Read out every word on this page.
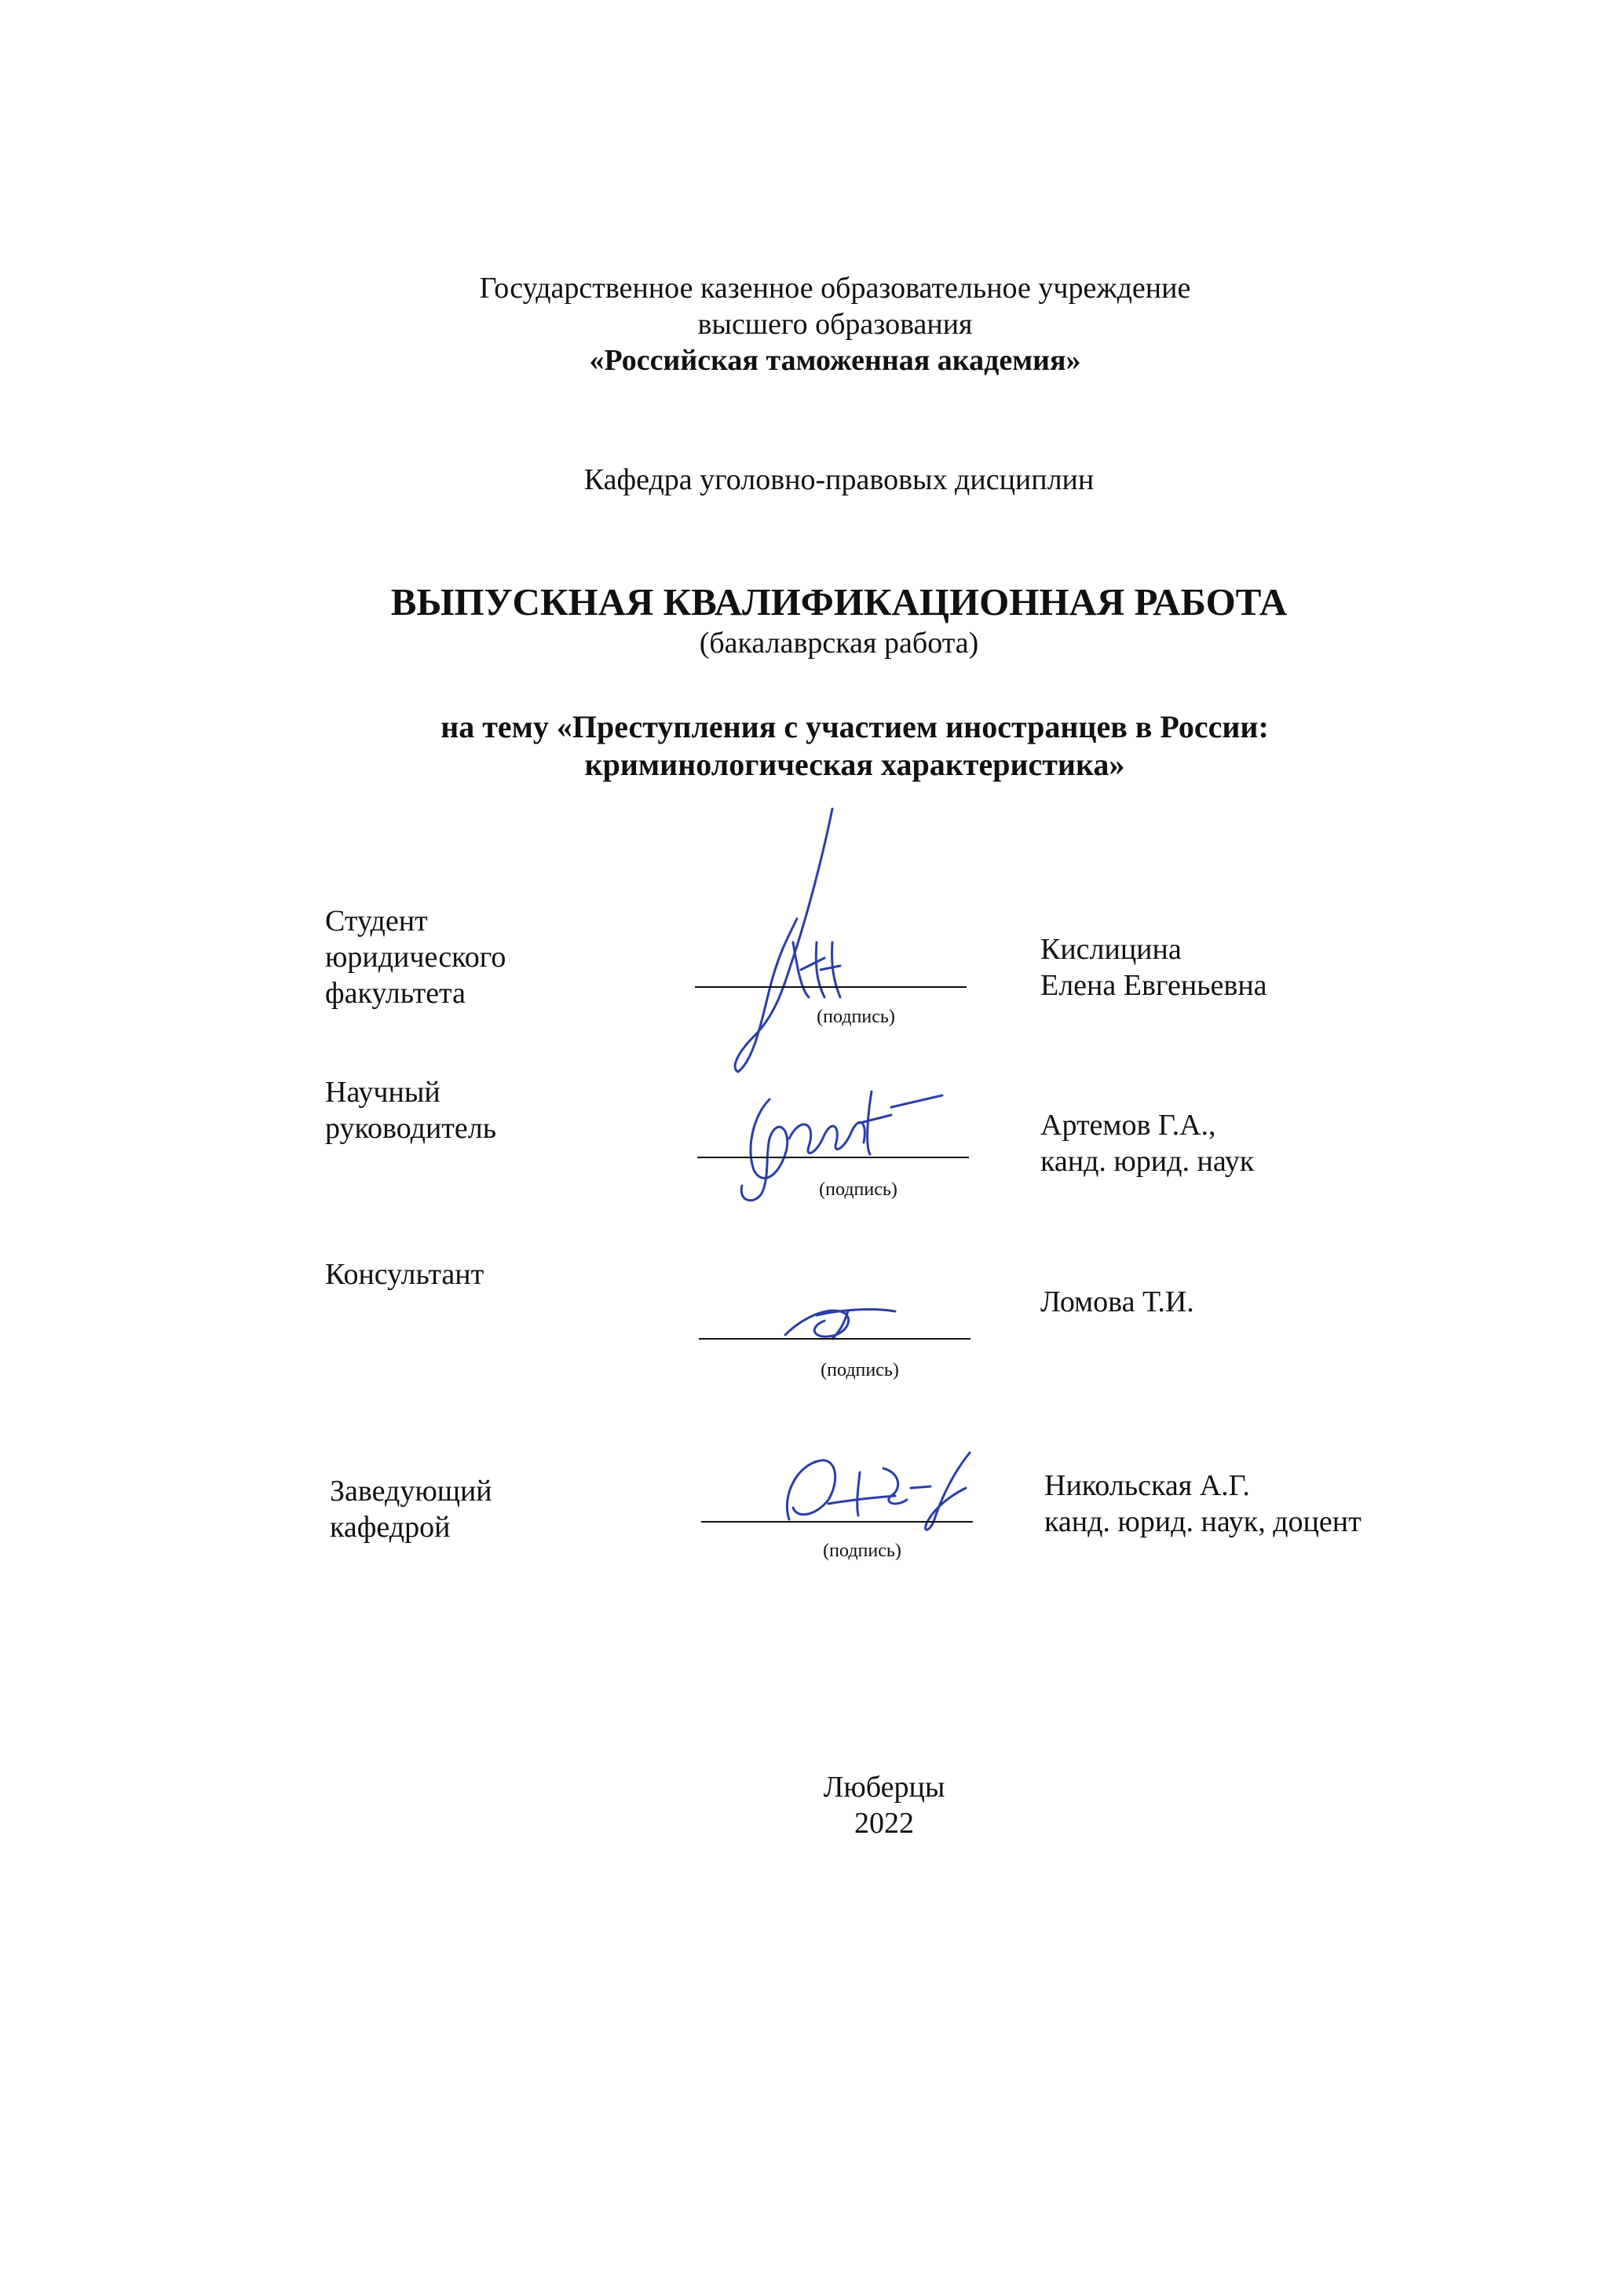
Государственное казенное образовательное учреждение
высшего образования
«Российская таможенная академия»
Кафедра уголовно-правовых дисциплин
ВЫПУСКНАЯ КВАЛИФИКАЦИОННАЯ РАБОТА
(бакалаврская работа)
на тему «Преступления с участием иностранцев в России:
криминологическая характеристика»
Студент
юридического
факультета
(подпись)
Кислицина
Елена Евгеньевна
Научный
руководитель
(подпись)
Артемов Г.А.,
канд. юрид. наук
Консультант
(подпись)
Ломова Т.И.
Заведующий
кафедрой
(подпись)
Никольская А.Г.
канд. юрид. наук, доцент
Люберцы
2022
